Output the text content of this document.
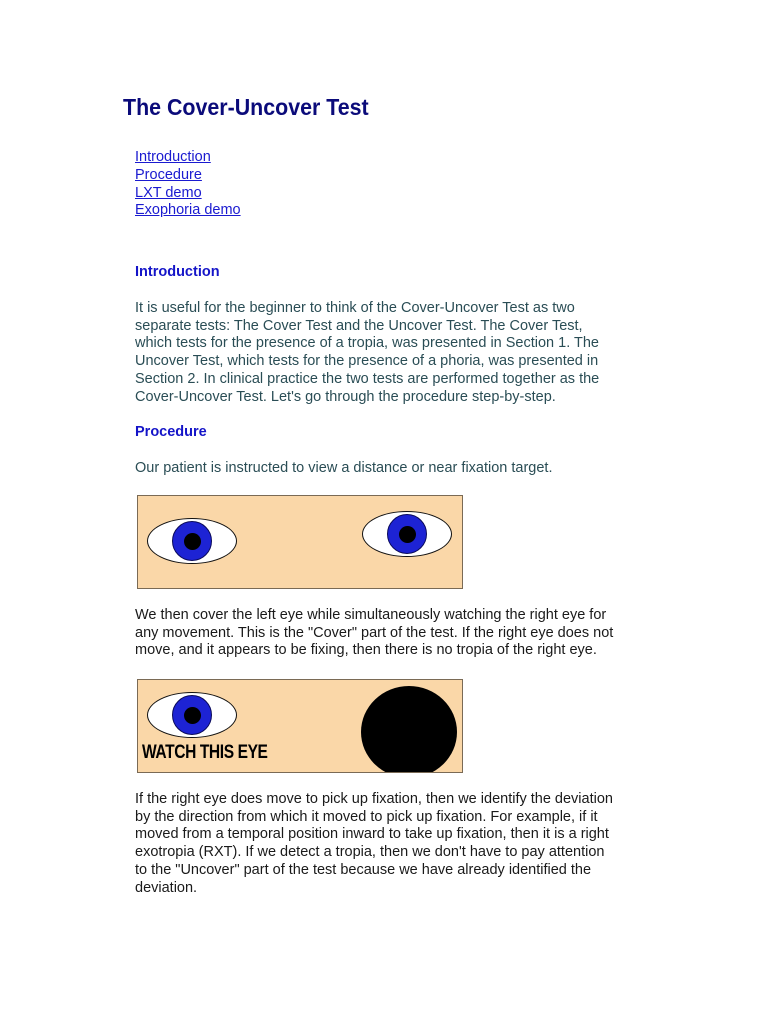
The Cover-Uncover Test
Introduction
Procedure
LXT demo
Exophoria demo
Introduction

It is useful for the beginner to think of the Cover-Uncover Test as two
separate tests: The Cover Test and the Uncover Test. The Cover Test,
which tests for the presence of a tropia, was presented in Section 1. The
Uncover Test, which tests for the presence of a phoria, was presented in
Section 2. In clinical practice the two tests are performed together as the
Cover-Uncover Test. Let's go through the procedure step-by-step.

Procedure

Our patient is instructed to view a distance or near fixation target.

We then cover the left eye while simultaneously watching the right eye for
any movement. This is the "Cover" part of the test. If the right eye does not
move, and it appears to be fixing, then there is no tropia of the right eye.

WATCH THIS EYE

If the right eye does move to pick up fixation, then we identify the deviation
by the direction from which it moved to pick up fixation. For example, if it
moved from a temporal position inward to take up fixation, then it is a right
exotropia (RXT). If we detect a tropia, then we don't have to pay attention
to the "Uncover" part of the test because we have already identified the
deviation.
